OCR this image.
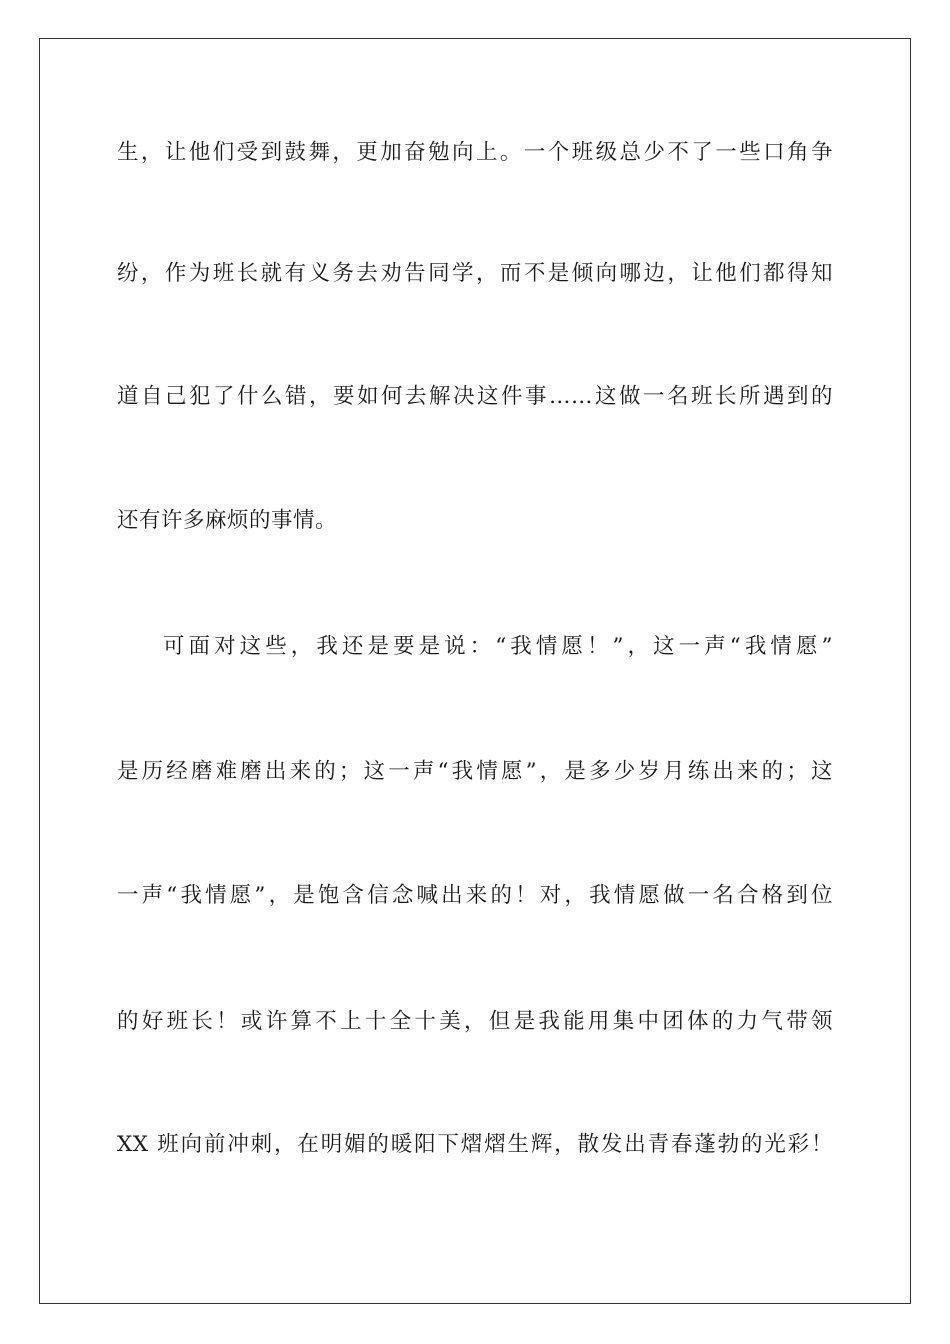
生，让他们受到鼓舞，更加奋勉向上。一个班级总少不了一些口角争
纷，作为班长就有义务去劝告同学，而不是倾向哪边，让他们都得知
道自己犯了什么错，要如何去解决这件事……这做一名班长所遇到的
还有许多麻烦的事情。
可面对这些，我还是要是说：“我情愿！”，这一声“我情愿”
是历经磨难磨出来的；这一声“我情愿”，是多少岁月练出来的；这
一声“我情愿”，是饱含信念喊出来的！对，我情愿做一名合格到位
的好班长！或许算不上十全十美，但是我能用集中团体的力气带领
XX 班向前冲刺，在明媚的暖阳下熠熠生辉，散发出青春蓬勃的光彩！
